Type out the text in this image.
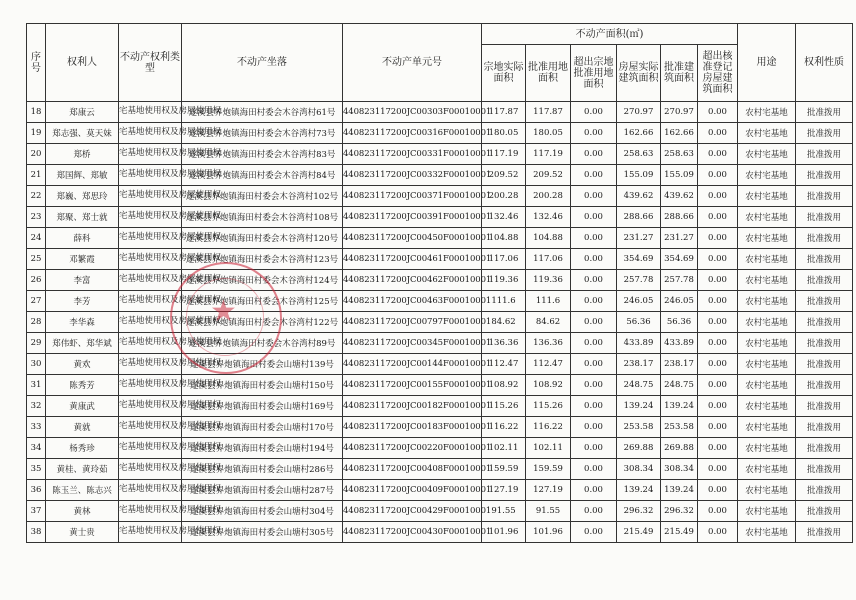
序号	权利人	不动产权利类型	不动产坐落	不动产单元号	不动产面积(㎡)						用途	权利性质
					宗地实际面积	批准用地面积	超出宗地批准用地面积	房屋实际建筑面积	批准建筑面积	超出核准登记房屋建筑面积		
18	郑康云	宅基地使用权及房屋使用权	遂溪县界炮镇海田村委会木谷湾村61号	440823117200JC00303F00010001	117.87	117.87	0.00	270.97	270.97	0.00	农村宅基地	批准拨用
19	郑志强、莫天妹	宅基地使用权及房屋使用权	遂溪县界炮镇海田村委会木谷湾村73号	440823117200JC00316F00010001	180.05	180.05	0.00	162.66	162.66	0.00	农村宅基地	批准拨用
20	郑桥	宅基地使用权及房屋使用权	遂溪县界炮镇海田村委会木谷湾村83号	440823117200JC00331F00010001	117.19	117.19	0.00	258.63	258.63	0.00	农村宅基地	批准拨用
21	郑国辉、郑敏	宅基地使用权及房屋使用权	遂溪县界炮镇海田村委会木谷湾村84号	440823117200JC00332F00010001	209.52	209.52	0.00	155.09	155.09	0.00	农村宅基地	批准拨用
22	郑巍、郑思玲	宅基地使用权及房屋使用权	遂溪县界炮镇海田村委会木谷湾村102号	440823117200JC00371F00010001	200.28	200.28	0.00	439.62	439.62	0.00	农村宅基地	批准拨用
23	郑聚、郑士就	宅基地使用权及房屋使用权	遂溪县界炮镇海田村委会木谷湾村108号	440823117200JC00391F00010001	132.46	132.46	0.00	288.66	288.66	0.00	农村宅基地	批准拨用
24	薛科	宅基地使用权及房屋使用权	遂溪县界炮镇海田村委会木谷湾村120号	440823117200JC00450F00010001	104.88	104.88	0.00	231.27	231.27	0.00	农村宅基地	批准拨用
25	邓繁霞	宅基地使用权及房屋使用权	遂溪县界炮镇海田村委会木谷湾村123号	440823117200JC00461F00010001	117.06	117.06	0.00	354.69	354.69	0.00	农村宅基地	批准拨用
26	李富	宅基地使用权及房屋使用权	遂溪县界炮镇海田村委会木谷湾村124号	440823117200JC00462F00010001	119.36	119.36	0.00	257.78	257.78	0.00	农村宅基地	批准拨用
27	李芳	宅基地使用权及房屋使用权	遂溪县界炮镇海田村委会木谷湾村125号	440823117200JC00463F00010001	111.6	111.6	0.00	246.05	246.05	0.00	农村宅基地	批准拨用
28	李华森	宅基地使用权及房屋使用权	遂溪县界炮镇海田村委会木谷湾村122号	440823117200JC00797F00010001	84.62	84.62	0.00	56.36	56.36	0.00	农村宅基地	批准拨用
29	郑伟虾、郑华斌	宅基地使用权及房屋使用权	遂溪县界炮镇海田村委会木谷湾村89号	440823117200JC00345F00010001	136.36	136.36	0.00	433.89	433.89	0.00	农村宅基地	批准拨用
30	黄欢	宅基地使用权及房屋使用权	遂溪县界炮镇海田村委会山塘村139号	440823117200JC00144F00010001	112.47	112.47	0.00	238.17	238.17	0.00	农村宅基地	批准拨用
31	陈秀芳	宅基地使用权及房屋使用权	遂溪县界炮镇海田村委会山塘村150号	440823117200JC00155F00010001	108.92	108.92	0.00	248.75	248.75	0.00	农村宅基地	批准拨用
32	黄康武	宅基地使用权及房屋使用权	遂溪县界炮镇海田村委会山塘村169号	440823117200JC00182F00010001	115.26	115.26	0.00	139.24	139.24	0.00	农村宅基地	批准拨用
33	黄就	宅基地使用权及房屋使用权	遂溪县界炮镇海田村委会山塘村170号	440823117200JC00183F00010001	116.22	116.22	0.00	253.58	253.58	0.00	农村宅基地	批准拨用
34	杨秀珍	宅基地使用权及房屋使用权	遂溪县界炮镇海田村委会山塘村194号	440823117200JC00220F00010001	102.11	102.11	0.00	269.88	269.88	0.00	农村宅基地	批准拨用
35	黄桂、黄玲茹	宅基地使用权及房屋使用权	遂溪县界炮镇海田村委会山塘村286号	440823117200JC00408F00010001	159.59	159.59	0.00	308.34	308.34	0.00	农村宅基地	批准拨用
36	陈玉兰、陈志兴	宅基地使用权及房屋使用权	遂溪县界炮镇海田村委会山塘村287号	440823117200JC00409F00010001	127.19	127.19	0.00	139.24	139.24	0.00	农村宅基地	批准拨用
37	黄林	宅基地使用权及房屋使用权	遂溪县界炮镇海田村委会山塘村304号	440823117200JC00429F00010001	91.55	91.55	0.00	296.32	296.32	0.00	农村宅基地	批准拨用
38	黄士贵	宅基地使用权及房屋使用权	遂溪县界炮镇海田村委会山塘村305号	440823117200JC00430F00010001	101.96	101.96	0.00	215.49	215.49	0.00	农村宅基地	批准拨用
★
